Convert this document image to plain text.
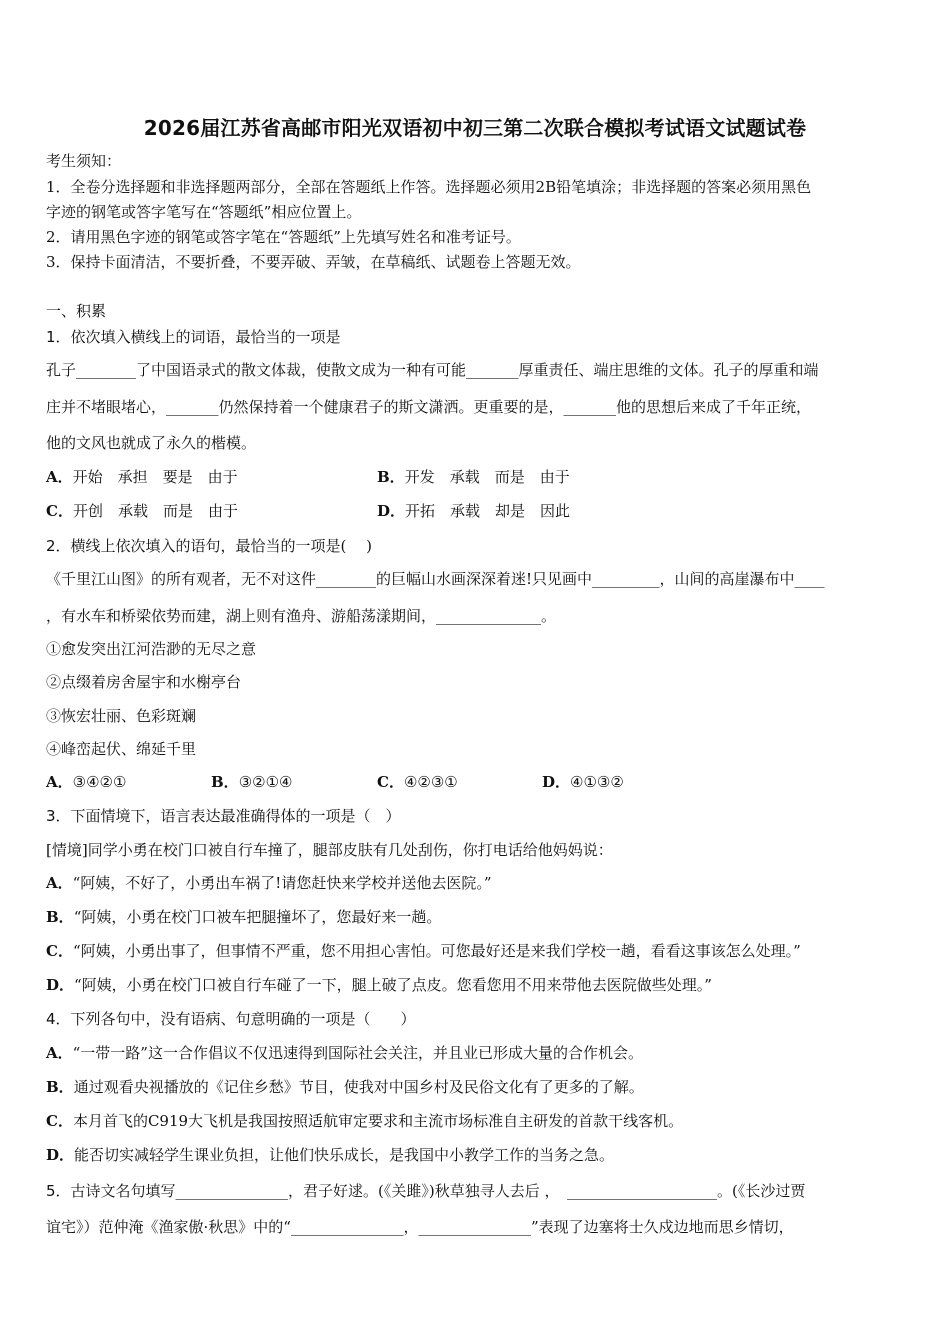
2026届江苏省高邮市阳光双语初中初三第二次联合模拟考试语文试题试卷
考生须知：
1．全卷分选择题和非选择题两部分，全部在答题纸上作答。选择题必须用2B铅笔填涂；非选择题的答案必须用黑色
字迹的钢笔或答字笔写在“答题纸”相应位置上。
2．请用黑色字迹的钢笔或答字笔在“答题纸”上先填写姓名和准考证号。
3．保持卡面清洁，不要折叠，不要弄破、弄皱，在草稿纸、试题卷上答题无效。
一、积累
1．依次填入横线上的词语，最恰当的一项是
孔子________了中国语录式的散文体裁，使散文成为一种有可能_______厚重责任、端庄思维的文体。孔子的厚重和端
庄并不堵眼堵心，_______仍然保持着一个健康君子的斯文潇洒。更重要的是，_______他的思想后来成了千年正统，
他的文风也就成了永久的楷模。
A．开始　承担　要是　由于	B．开发　承载　而是　由于
C．开创　承载　而是　由于	D．开拓　承载　却是　因此
2．横线上依次填入的语句，最恰当的一项是(　 )
《千里江山图》的所有观者，无不对这件________的巨幅山水画深深着迷!只见画中_________，山间的高崖瀑布中____
，有水车和桥梁依势而建，湖上则有渔舟、游船荡漾期间，______________。
①愈发突出江河浩渺的无尽之意
②点缀着房舍屋宇和水榭亭台
③恢宏壮丽、色彩斑斓
④峰峦起伏、绵延千里
A．③④②①	B．③②①④	C．④②③①	D．④①③②
3．下面情境下，语言表达最准确得体的一项是（　）
[情境]同学小勇在校门口被自行车撞了，腿部皮肤有几处刮伤，你打电话给他妈妈说：
A．“阿姨，不好了，小勇出车祸了!请您赶快来学校并送他去医院。”
B．“阿姨，小勇在校门口被车把腿撞坏了，您最好来一趟。
C．“阿姨，小勇出事了，但事情不严重，您不用担心害怕。可您最好还是来我们学校一趟，看看这事该怎么处理。”
D．“阿姨，小勇在校门口被自行车碰了一下，腿上破了点皮。您看您用不用来带他去医院做些处理。”
4．下列各句中，没有语病、句意明确的一项是（　　）
A．“一带一路”这一合作倡议不仅迅速得到国际社会关注，并且业已形成大量的合作机会。
B．通过观看央视播放的《记住乡愁》节目，使我对中国乡村及民俗文化有了更多的了解。
C．本月首飞的C919大飞机是我国按照适航审定要求和主流市场标准自主研发的首款干线客机。
D．能否切实减轻学生课业负担，让他们快乐成长，是我国中小教学工作的当务之急。
5．古诗文名句填写_______________，君子好逑。(《关雎》)秋草独寻人去后 ，　____________________。(《长沙过贾
谊宅》）范仲淹《渔家傲·秋思》中的“_______________，_______________”表现了边塞将士久戍边地而思乡情切，
